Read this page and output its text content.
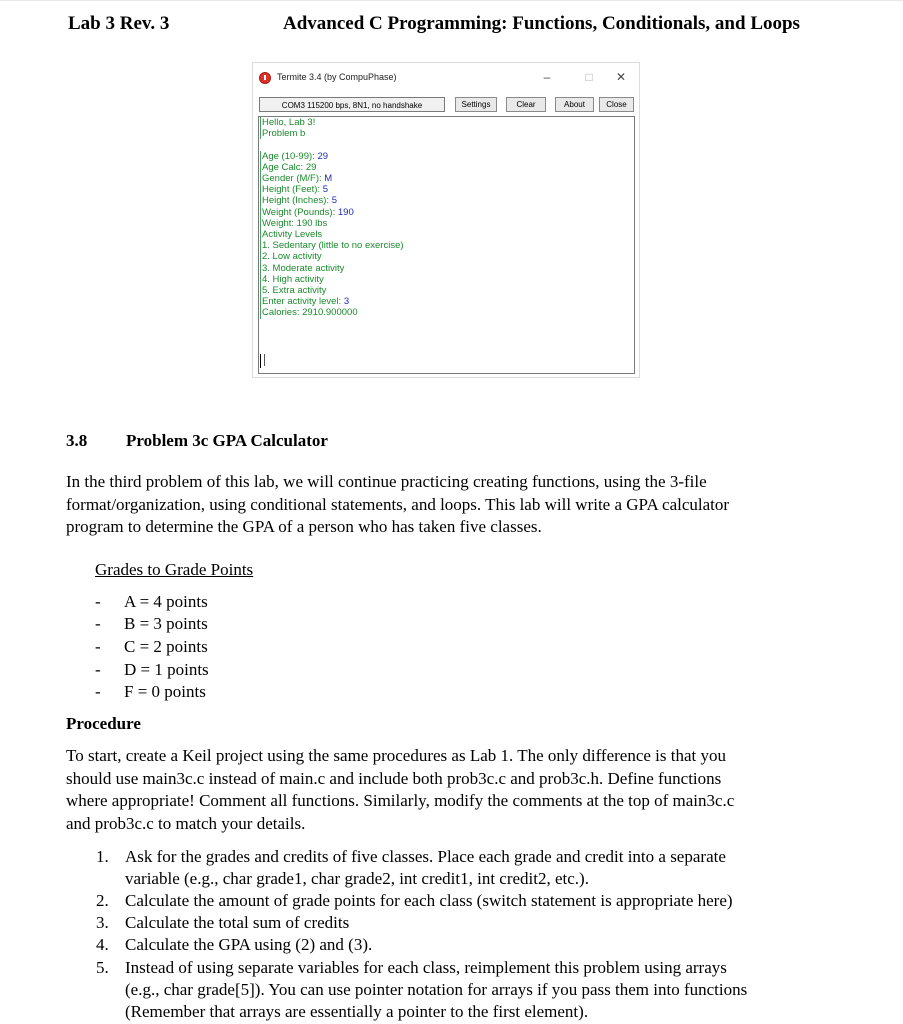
Lab 3 Rev. 3	Advanced C Programming: Functions, Conditionals, and Loops
Termite 3.4 (by CompuPhase)	–	□	✕
COM3 115200 bps, 8N1, no handshake	Settings	Clear	About	Close
Hello, Lab 3!
Problem b
Age (10-99): 29
Age Calc: 29
Gender (M/F): M
Height (Feet): 5
Height (Inches): 5
Weight (Pounds): 190
Weight: 190 lbs
Activity Levels
1. Sedentary (little to no exercise)
2. Low activity
3. Moderate activity
4. High activity
5. Extra activity
Enter activity level: 3
Calories: 2910.900000
3.8 Problem 3c GPA Calculator
In the third problem of this lab, we will continue practicing creating functions, using the 3-file
format/organization, using conditional statements, and loops. This lab will write a GPA calculator
program to determine the GPA of a person who has taken five classes.
Grades to Grade Points
- A = 4 points
- B = 3 points
- C = 2 points
- D = 1 points
- F = 0 points
Procedure
To start, create a Keil project using the same procedures as Lab 1. The only difference is that you
should use main3c.c instead of main.c and include both prob3c.c and prob3c.h. Define functions
where appropriate! Comment all functions. Similarly, modify the comments at the top of main3c.c
and prob3c.c to match your details.
1. Ask for the grades and credits of five classes. Place each grade and credit into a separate
variable (e.g., char grade1, char grade2, int credit1, int credit2, etc.).
2. Calculate the amount of grade points for each class (switch statement is appropriate here)
3. Calculate the total sum of credits
4. Calculate the GPA using (2) and (3).
5. Instead of using separate variables for each class, reimplement this problem using arrays
(e.g., char grade[5]). You can use pointer notation for arrays if you pass them into functions
(Remember that arrays are essentially a pointer to the first element).
